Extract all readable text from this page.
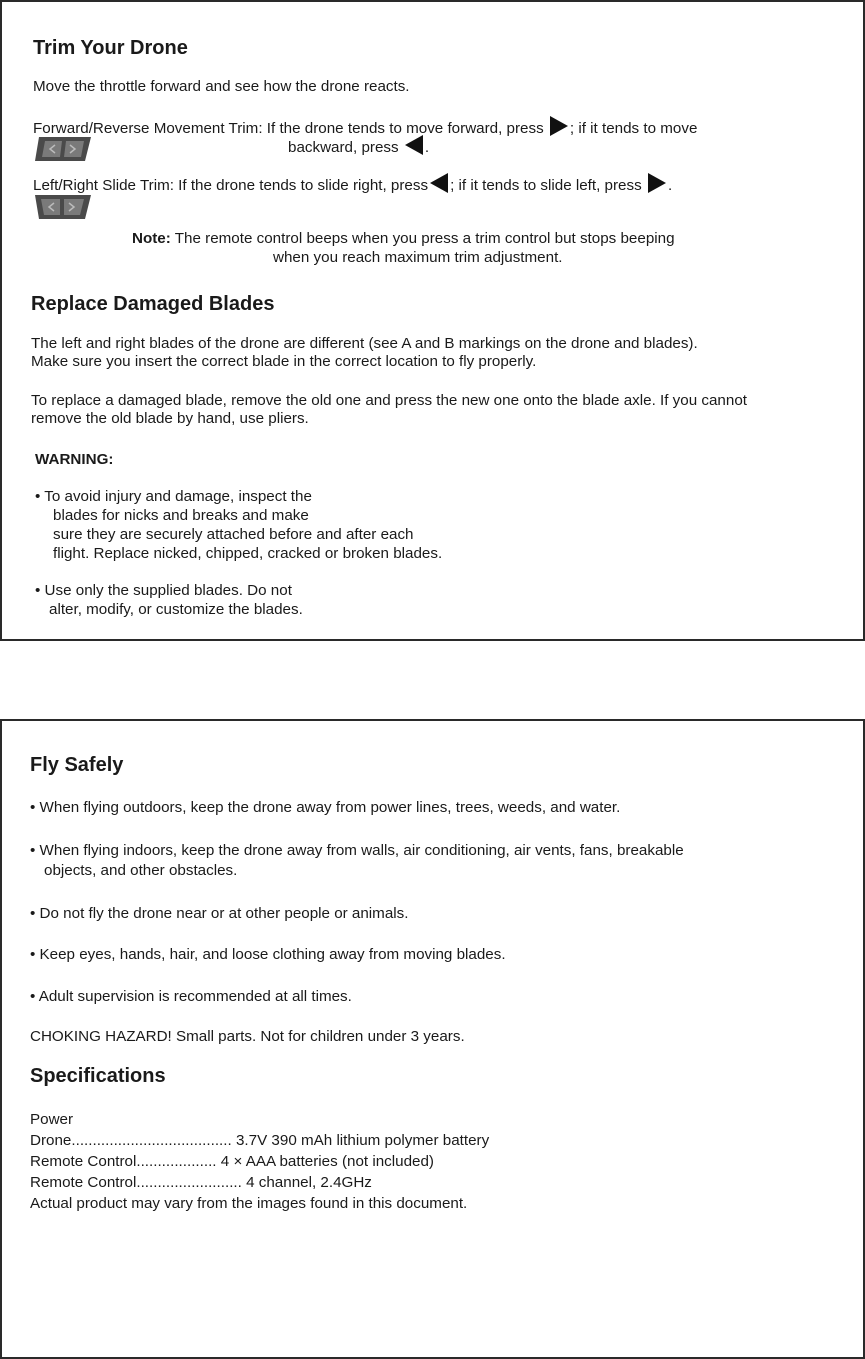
Trim Your Drone
Move the throttle forward and see how the drone reacts.
Forward/Reverse Movement Trim: If the drone tends to move forward, press ; if it tends to move
backward, press .
Left/Right Slide Trim: If the drone tends to slide right, press ; if it tends to slide left, press .
Note: The remote control beeps when you press a trim control but stops beeping
when you reach maximum trim adjustment.
Replace Damaged Blades
The left and right blades of the drone are different (see A and B markings on the drone and blades).
Make sure you insert the correct blade in the correct location to fly properly.
To replace a damaged blade, remove the old one and press the new one onto the blade axle. If you cannot
remove the old blade by hand, use pliers.
WARNING:
• To avoid injury and damage, inspect the
blades for nicks and breaks and make
sure they are securely attached before and after each
flight. Replace nicked, chipped, cracked or broken blades.
• Use only the supplied blades. Do not
alter, modify, or customize the blades.
Fly Safely
• When flying outdoors, keep the drone away from power lines, trees, weeds, and water.
• When flying indoors, keep the drone away from walls, air conditioning, air vents, fans, breakable
objects, and other obstacles.
• Do not fly the drone near or at other people or animals.
• Keep eyes, hands, hair, and loose clothing away from moving blades.
• Adult supervision is recommended at all times.
CHOKING HAZARD! Small parts. Not for children under 3 years.
Specifications
Power
Drone...................................... 3.7V 390 mAh lithium polymer battery
Remote Control................... 4 × AAA batteries (not included)
Remote Control......................... 4 channel, 2.4GHz
Actual product may vary from the images found in this document.
